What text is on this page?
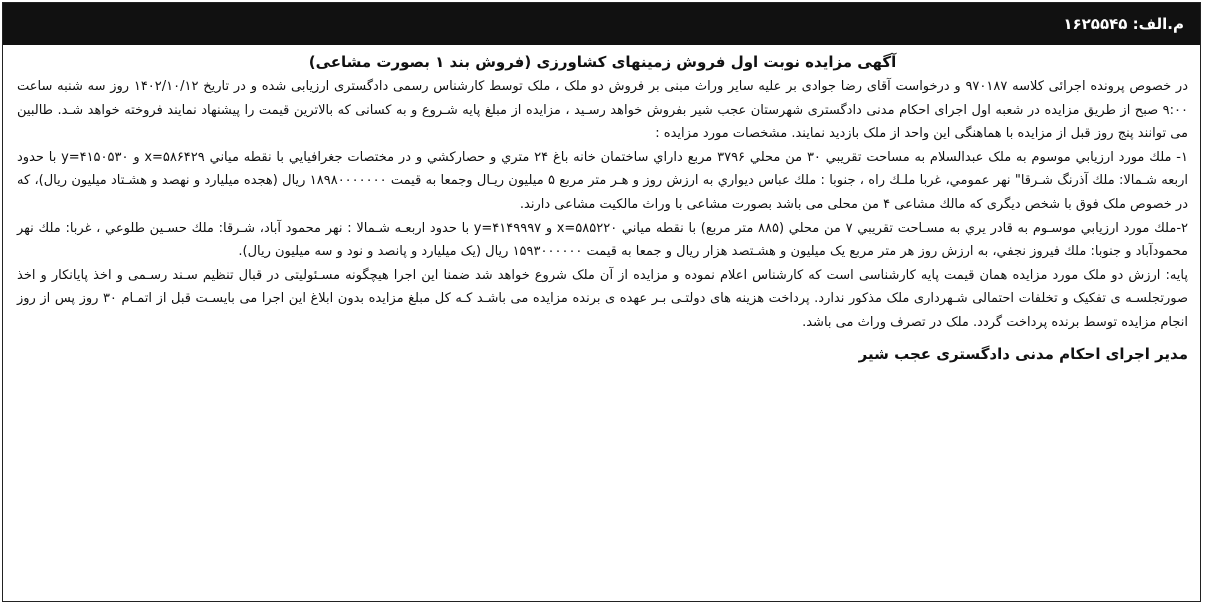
م.الف: ۱۶۲۵۵۴۵

آگهی مزایده نوبت اول فروش زمینهای کشاورزی (فروش بند ۱ بصورت مشاعی)

در خصوص پرونده اجرائی کلاسه ۹۷۰۱۸۷ و درخواست آقای رضا جوادی بر علیه سایر وراث مبنی بر فروش دو ملک ، ملک توسط کارشناس رسمی دادگستری ارزیابی شده و در تاریخ ۱۴۰۲/۱۰/۱۲ روز سه شنبه ساعت ۹:۰۰ صبح از طریق مزایده در شعبه اول اجرای احکام مدنی دادگستری شهرستان عجب شیر بفروش خواهد رسـید ، مزایده از مبلغ پایه شـروع و به کسانی که بالاترین قیمت را پیشنهاد نمایند فروخته خواهد شـد. طالبین می توانند پنج روز قبل از مزایده با هماهنگی این واحد از ملک بازدید نمایند. مشخصات مورد مزایده :

۱- ملك مورد ارزيابي موسوم به ملک عبدالسلام به مساحت تقريبي ۳۰ من محلي ۳۷۹۶ مربع داراي ساختمان خانه باغ ۲۴ متري و حصاركشي و در مختصات جغرافيايي با نقطه مياني ۵۸۶۴۲۹=x و ۴۱۵۰۵۳۰=y با حدود اربعه شـمالا: ملك آذرنگ شـرقا" نهر عمومي، غربا ملـك راه ، جنوبا : ملك عباس ديواري به ارزش روز و هـر متر مربع ۵ ميليون ريـال وجمعا به قيمت ۱۸۹۸۰۰۰۰۰۰۰ ريال (هجده ميليارد و نهصد و هشـتاد ميليون ريال)، كه در خصوص ملک فوق با شخص ديگرى كه مالك مشاعى ۴ من محلى مى باشد بصورت مشاعى با وراث مالكيت مشاعى دارند.

۲-ملك مورد ارزيابي موسـوم به قادر يري به مسـاحت تقريبي ۷ من محلي (۸۸۵ متر مربع) با نقطه مياني ۵۸۵۲۲۰=x و ۴۱۴۹۹۹۷=y با حدود اربعـه شـمالا : نهر محمود آباد، شـرقا: ملك حسـين طلوعي ، غربا: ملك نهر محمودآباد و جنوبا: ملك فيروز نجفي، به ارزش روز هر متر مربع يک ميليون و هشـتصد هزار ريال و جمعا به قيمت ۱۵۹۳۰۰۰۰۰۰ ريال (يک ميليارد و پانصد و نود و سه ميليون ريال).

پایه: ارزش دو ملک مورد مزایده همان قیمت پایه کارشناسی است که کارشناس اعلام نموده و مزایده از آن ملک شروع خواهد شد ضمنا این اجرا هیچگونه مسـئولیتی در قبال تنظیم سـند رسـمی و اخذ پایانکار و اخذ صورتجلسـه ی تفکیک و تخلفات احتمالی شـهرداری ملک مذکور ندارد. پرداخت هزینه های دولتـی بـر عهده ی برنده مزایده می باشـد کـه کل مبلغ مزایده بدون ابلاغ این اجرا می بایسـت قبل از اتمـام ۳۰ روز پس از روز انجام مزایده توسط برنده پرداخت گردد. ملک در تصرف وراث می باشد.

مدیر اجرای احکام مدنی دادگستری عجب شیر
